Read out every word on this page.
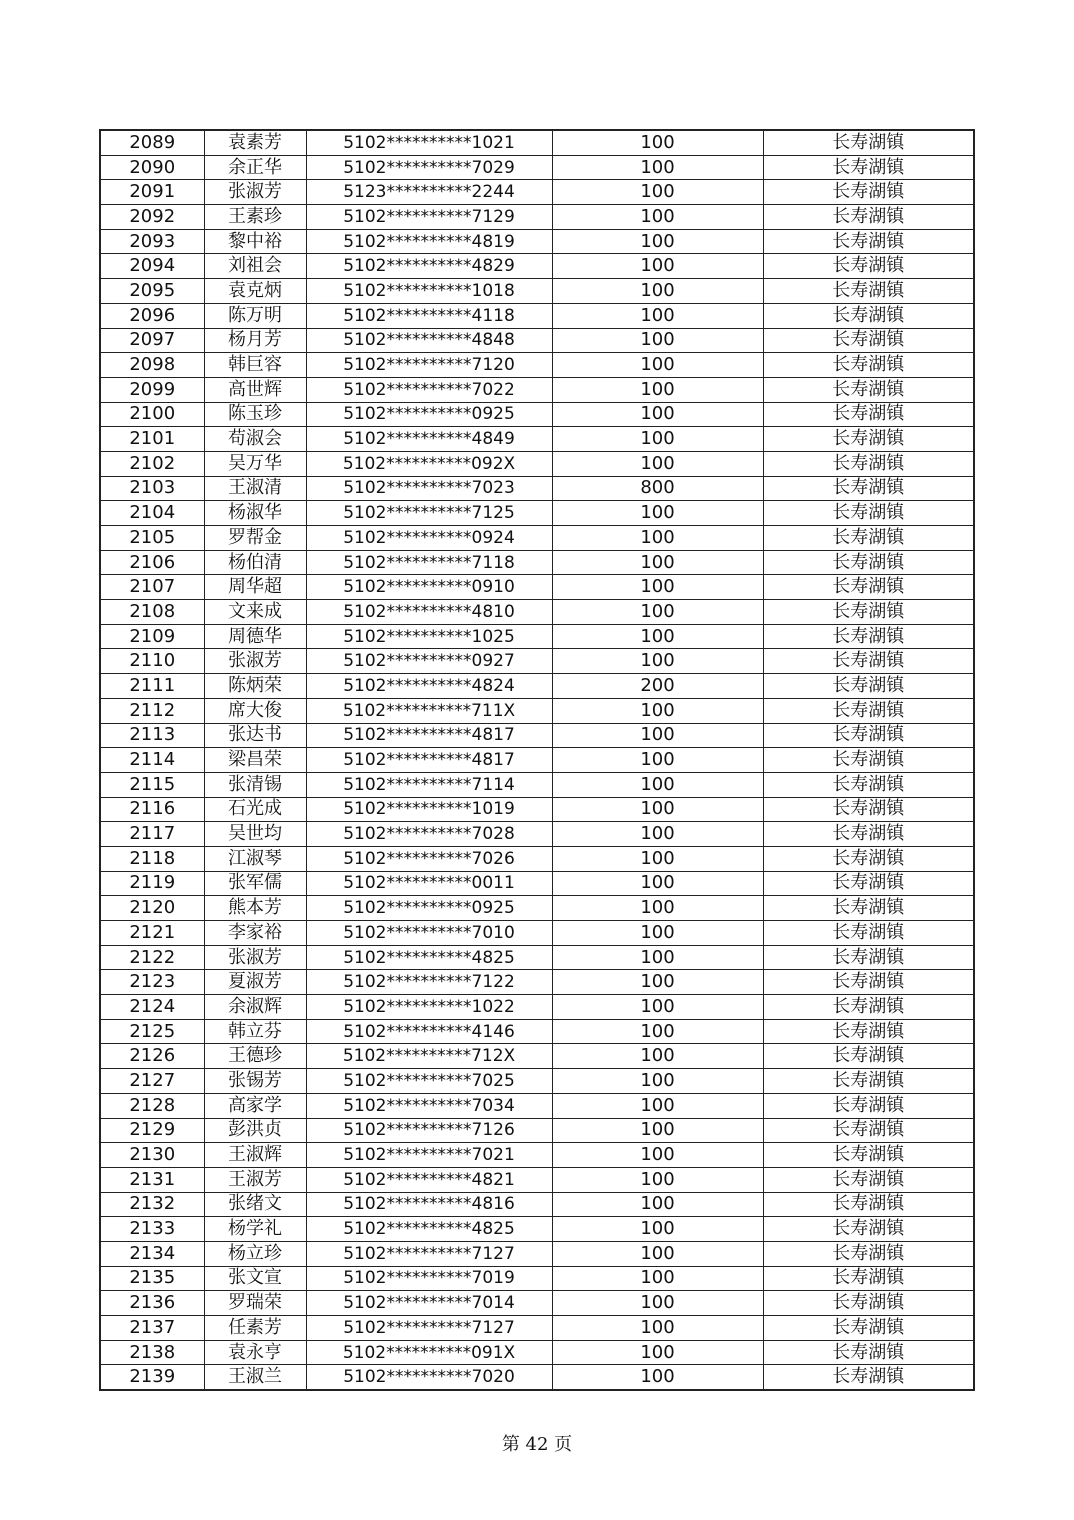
2089	袁素芳	5102**********1021	100	长寿湖镇
2090	余正华	5102**********7029	100	长寿湖镇
2091	张淑芳	5123**********2244	100	长寿湖镇
2092	王素珍	5102**********7129	100	长寿湖镇
2093	黎中裕	5102**********4819	100	长寿湖镇
2094	刘祖会	5102**********4829	100	长寿湖镇
2095	袁克炳	5102**********1018	100	长寿湖镇
2096	陈万明	5102**********4118	100	长寿湖镇
2097	杨月芳	5102**********4848	100	长寿湖镇
2098	韩巨容	5102**********7120	100	长寿湖镇
2099	高世辉	5102**********7022	100	长寿湖镇
2100	陈玉珍	5102**********0925	100	长寿湖镇
2101	苟淑会	5102**********4849	100	长寿湖镇
2102	吴万华	5102**********092X	100	长寿湖镇
2103	王淑清	5102**********7023	800	长寿湖镇
2104	杨淑华	5102**********7125	100	长寿湖镇
2105	罗帮金	5102**********0924	100	长寿湖镇
2106	杨伯清	5102**********7118	100	长寿湖镇
2107	周华超	5102**********0910	100	长寿湖镇
2108	文来成	5102**********4810	100	长寿湖镇
2109	周德华	5102**********1025	100	长寿湖镇
2110	张淑芳	5102**********0927	100	长寿湖镇
2111	陈炳荣	5102**********4824	200	长寿湖镇
2112	席大俊	5102**********711X	100	长寿湖镇
2113	张达书	5102**********4817	100	长寿湖镇
2114	梁昌荣	5102**********4817	100	长寿湖镇
2115	张清锡	5102**********7114	100	长寿湖镇
2116	石光成	5102**********1019	100	长寿湖镇
2117	吴世均	5102**********7028	100	长寿湖镇
2118	江淑琴	5102**********7026	100	长寿湖镇
2119	张军儒	5102**********0011	100	长寿湖镇
2120	熊本芳	5102**********0925	100	长寿湖镇
2121	李家裕	5102**********7010	100	长寿湖镇
2122	张淑芳	5102**********4825	100	长寿湖镇
2123	夏淑芳	5102**********7122	100	长寿湖镇
2124	余淑辉	5102**********1022	100	长寿湖镇
2125	韩立芬	5102**********4146	100	长寿湖镇
2126	王德珍	5102**********712X	100	长寿湖镇
2127	张锡芳	5102**********7025	100	长寿湖镇
2128	高家学	5102**********7034	100	长寿湖镇
2129	彭洪贞	5102**********7126	100	长寿湖镇
2130	王淑辉	5102**********7021	100	长寿湖镇
2131	王淑芳	5102**********4821	100	长寿湖镇
2132	张绪文	5102**********4816	100	长寿湖镇
2133	杨学礼	5102**********4825	100	长寿湖镇
2134	杨立珍	5102**********7127	100	长寿湖镇
2135	张文宣	5102**********7019	100	长寿湖镇
2136	罗瑞荣	5102**********7014	100	长寿湖镇
2137	任素芳	5102**********7127	100	长寿湖镇
2138	袁永亨	5102**********091X	100	长寿湖镇
2139	王淑兰	5102**********7020	100	长寿湖镇
第 42 页
